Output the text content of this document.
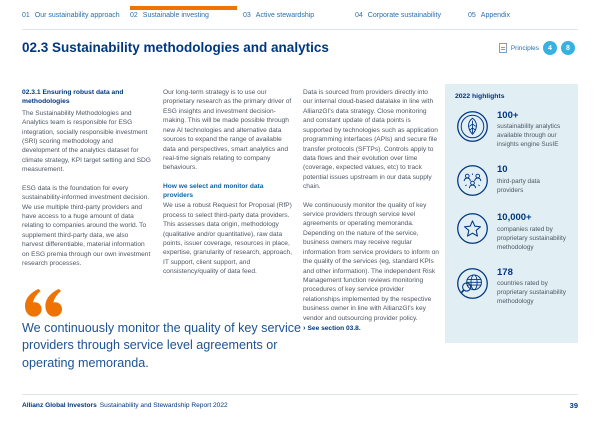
01 Our sustainability approach 02 Sustainable investing	03 Active stewardship	04 Corporate sustainability	05 Appendix
02.3 Sustainability methodologies and analytics	Principles	4	8
02.3.1 Ensuring robust data and methodologies

The Sustainability Methodologies and Analytics team is responsible for ESG integration, socially responsible investment (SRI) scoring methodology and development of the analytics dataset for climate strategy, KPI target setting and SDG measurement.

ESG data is the foundation for every sustainability-informed investment decision. We use multiple third-party providers and have access to a huge amount of data relating to companies around the world. To supplement third-party data, we also harvest differentiable, material information on ESG premia through our own investment research processes.

Our long-term strategy is to use our proprietary research as the primary driver of ESG insights and investment decision-making. This will be made possible through new AI technologies and alternative data sources to expand the range of available data and perspectives, smart analytics and real-time signals relating to company behaviours.

How we select and monitor data providers

We use a robust Request for Proposal (RfP) process to select third-party data providers. This assesses data origin, methodology (qualitative and/or quantitative), raw data points, issuer coverage, resources in place, expertise, granularity of research, approach, IT support, client support, and consistency/quality of data feed.

Data is sourced from providers directly into our internal cloud-based datalake in line with AllianzGI's data strategy. Close monitoring and constant update of data points is supported by technologies such as application programming interfaces (APIs) and secure file transfer protocols (SFTPs). Controls apply to data flows and their evolution over time (coverage, expected values, etc) to track potential issues upstream in our data supply chain.

We continuously monitor the quality of key service providers through service level agreements or operating memoranda. Depending on the nature of the service, business owners may receive regular information from service providers to inform on the quality of the services (eg, standard KPIs and other information). The independent Risk Management function reviews monitoring procedures of key service provider relationships implemented by the respective business owner in line with AllianzGI's key vendor and outsourcing provider policy.

› See section 03.8.

We continuously monitor the quality of key service providers through service level agreements or operating memoranda.

2022 highlights
100+
sustainability analytics available through our insights engine SusIE
10
third-party data providers
10,000+
companies rated by proprietary sustainability methodology
178
countries rated by proprietary sustainability methodology
Allianz Global Investors Sustainability and Stewardship Report 2022	39
